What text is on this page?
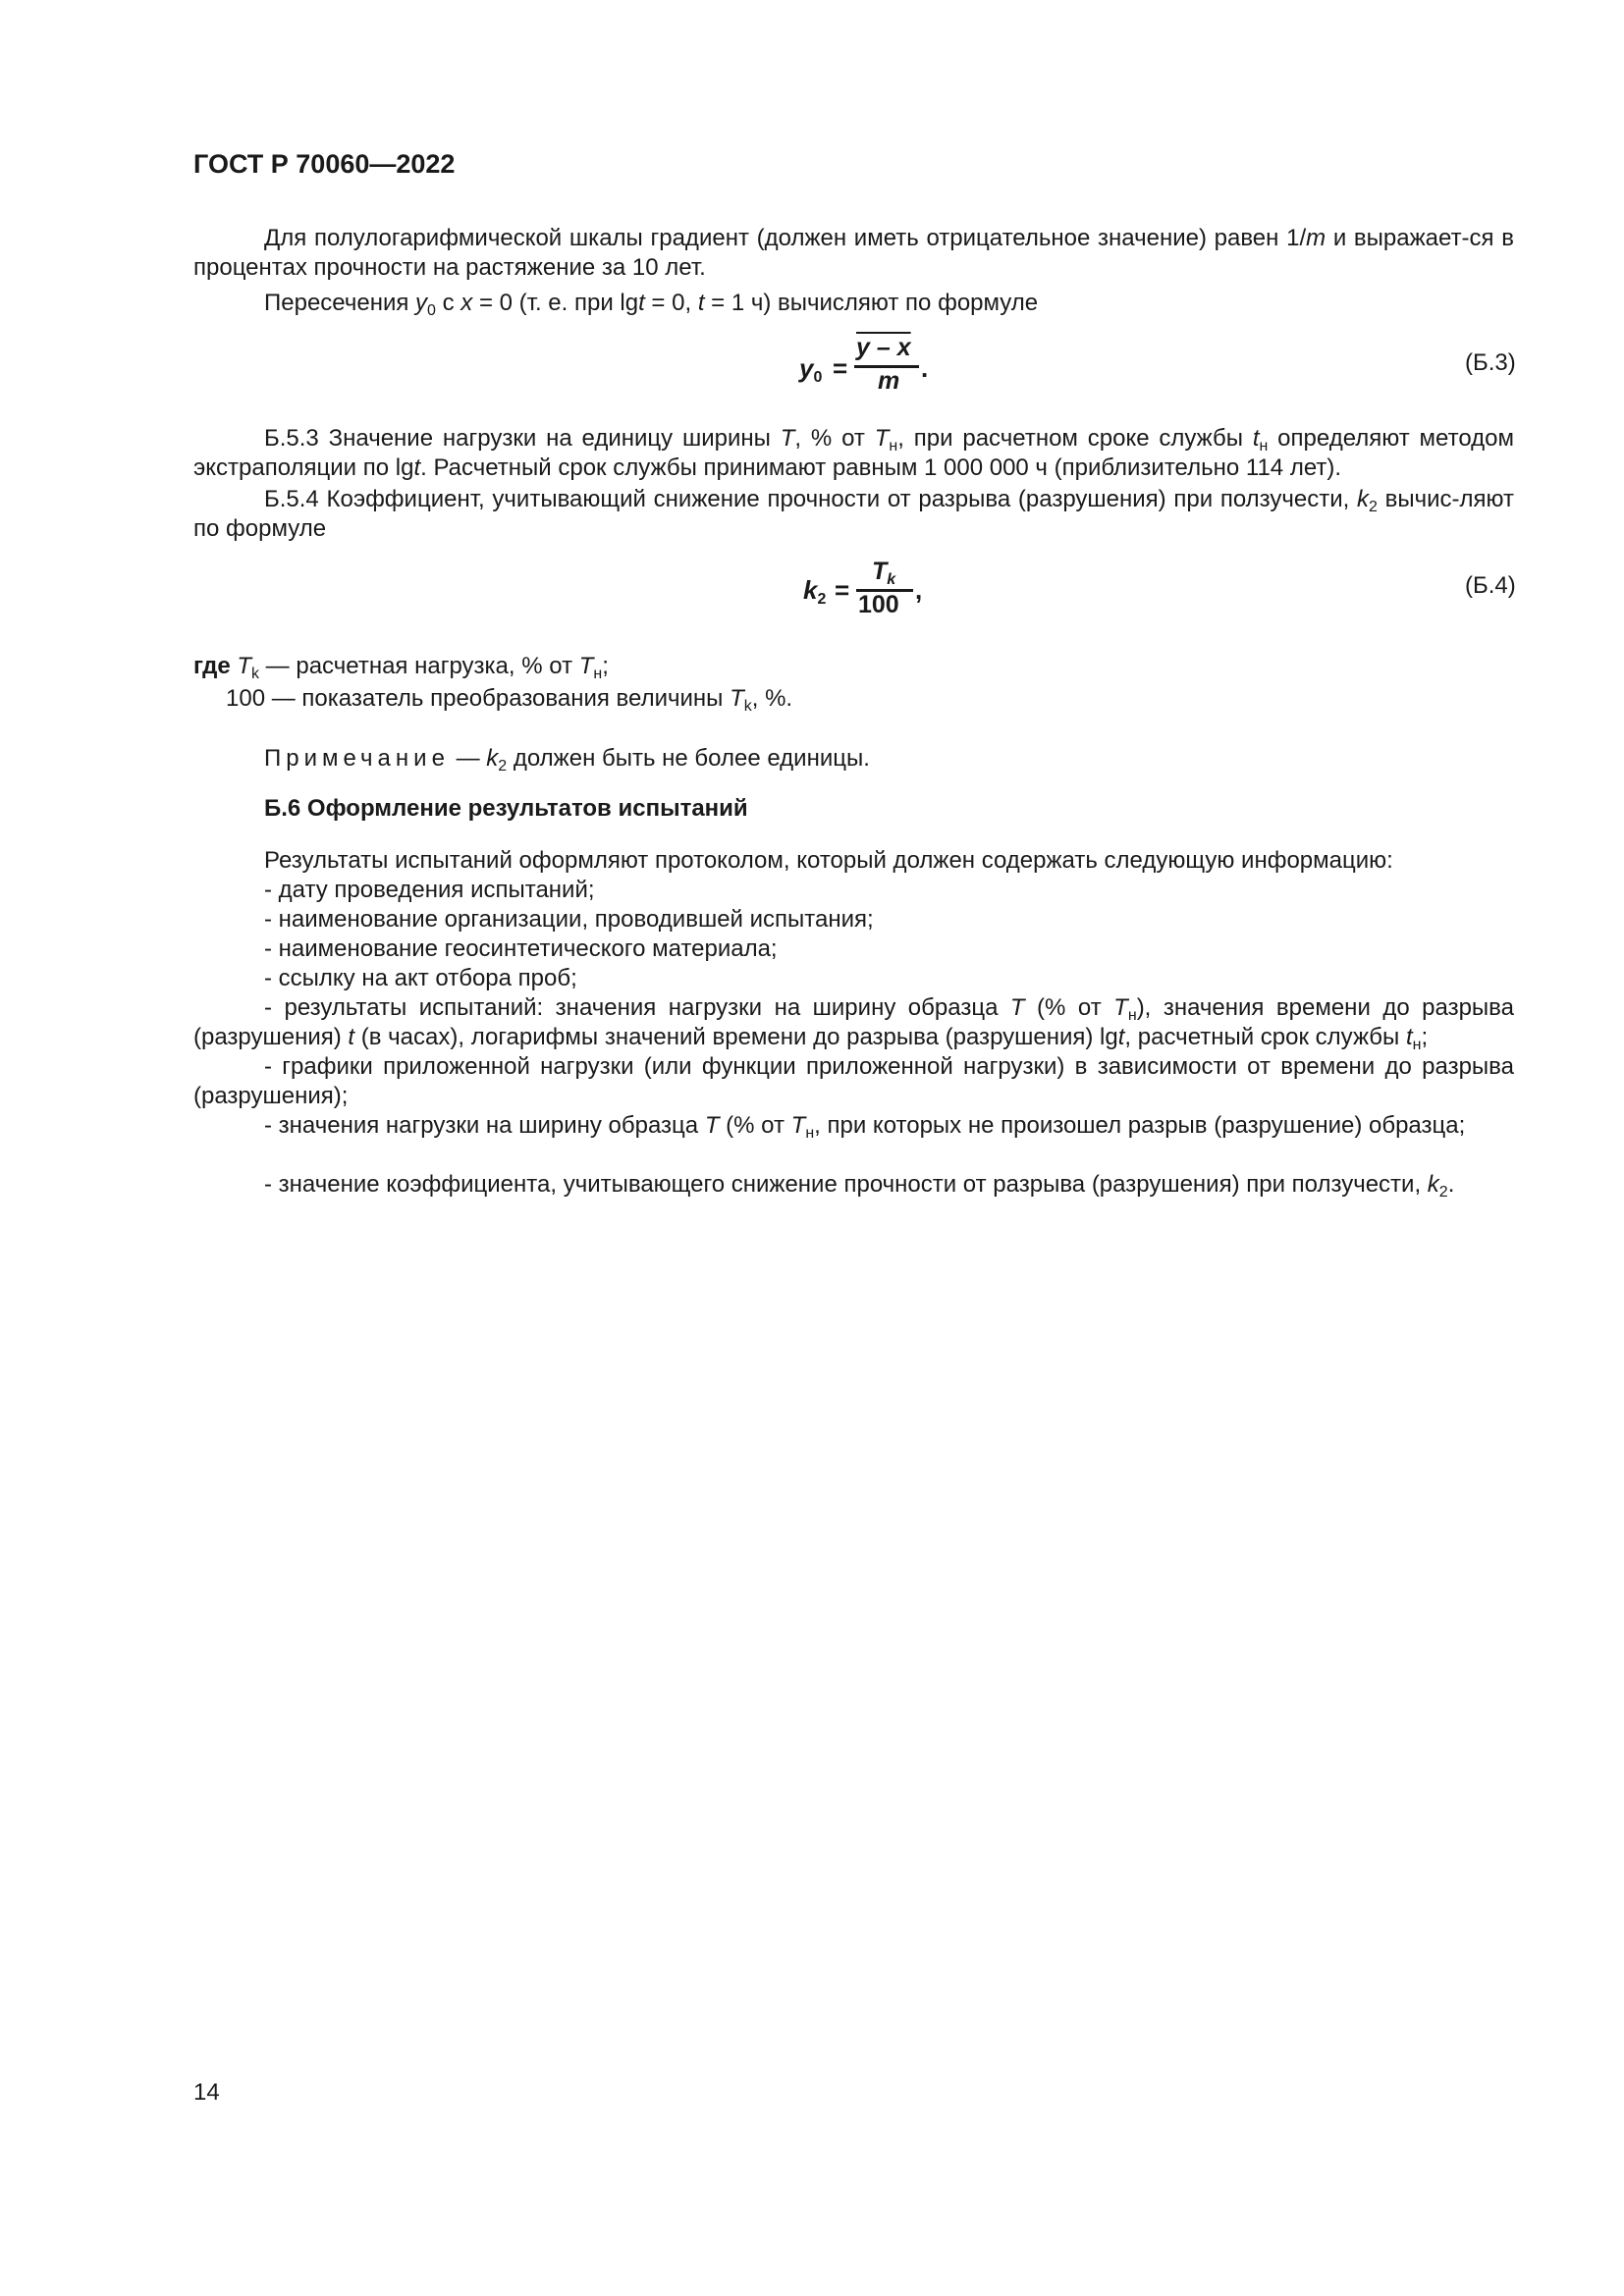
ГОСТ Р 70060—2022
Для полулогарифмической шкалы градиент (должен иметь отрицательное значение) равен 1/m и выражает-ся в процентах прочности на растяжение за 10 лет.
Пересечения $y_0$ с x = 0 (т. е. при lgt = 0, t = 1 ч) вычисляют по формуле
$y_0$ =
y – x
m .	(Б.3)
Б.5.3 Значение нагрузки на единицу ширины T, % от $T_н$, при расчетном сроке службы $t_н$ определяют методом экстраполяции по lgt. Расчетный срок службы принимают равным 1 000 000 ч (приблизительно 114 лет).
Б.5.4 Коэффициент, учитывающий снижение прочности от разрыва (разрушения) при ползучести, $k_2$ вычис-ляют по формуле
$k_2$ =
$T_k$
100 ,	(Б.4)
где $T_k$ — расчетная нагрузка, % от $T_н$;
100 — показатель преобразования величины $T_k$, %.
Примечание — $k_2$ должен быть не более единицы.
Б.6 Оформление результатов испытаний
Результаты испытаний оформляют протоколом, который должен содержать следующую информацию:
- дату проведения испытаний;
- наименование организации, проводившей испытания;
- наименование геосинтетического материала;
- ссылку на акт отбора проб;
- результаты испытаний: значения нагрузки на ширину образца T (% от $T_н$), значения времени до разрыва (разрушения) t (в часах), логарифмы значений времени до разрыва (разрушения) lgt, расчетный срок службы $t_н$;
- графики приложенной нагрузки (или функции приложенной нагрузки) в зависимости от времени до разрыва (разрушения);
- значения нагрузки на ширину образца T (% от $T_н$, при которых не произошел разрыв (разрушение) образца;
- значение коэффициента, учитывающего снижение прочности от разрыва (разрушения) при ползучести, $k_2$.
14
